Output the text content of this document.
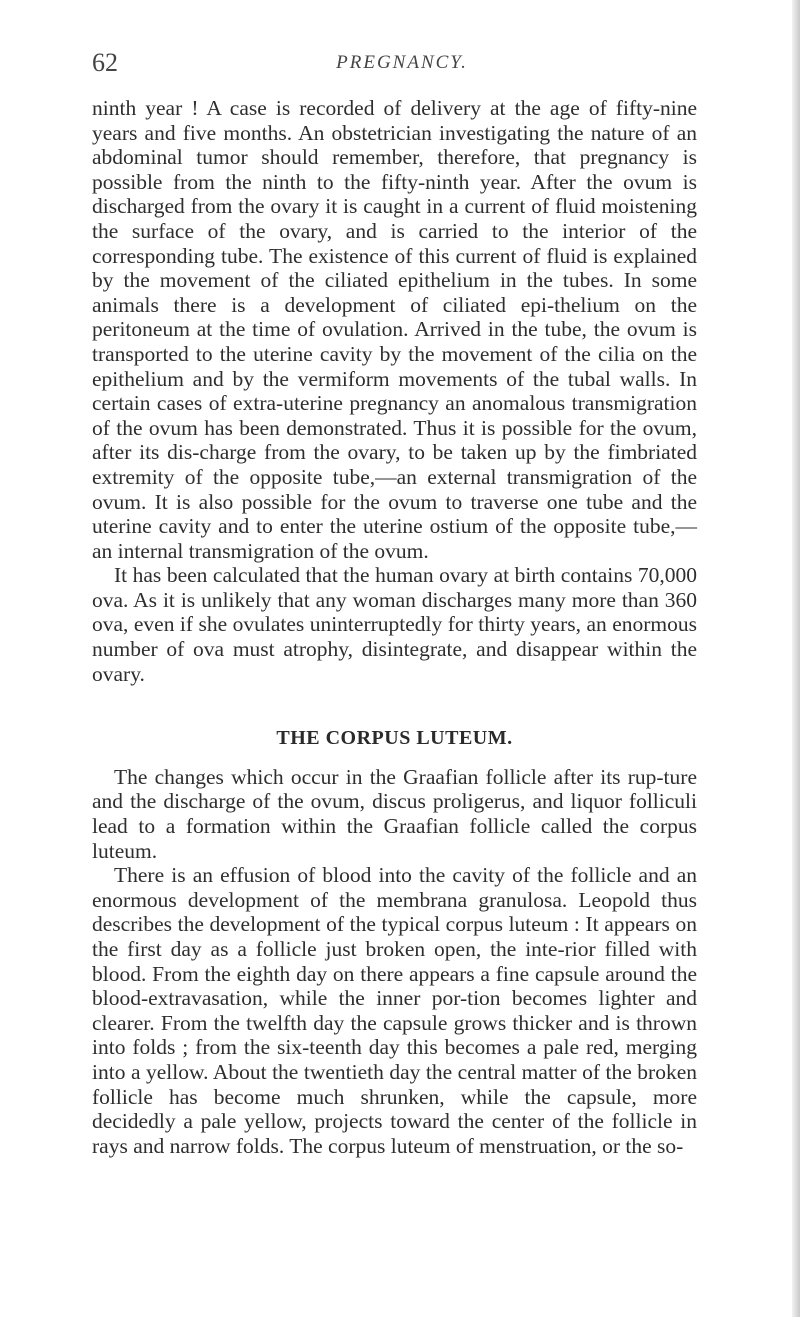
62	PREGNANCY.

ninth year ! A case is recorded of delivery at the age of fifty-nine years and five months. An obstetrician investigating the nature of an abdominal tumor should remember, therefore, that pregnancy is possible from the ninth to the fifty-ninth year. After the ovum is discharged from the ovary it is caught in a current of fluid moistening the surface of the ovary, and is carried to the interior of the corresponding tube. The existence of this current of fluid is explained by the movement of the ciliated epithelium in the tubes. In some animals there is a development of ciliated epi-thelium on the peritoneum at the time of ovulation. Arrived in the tube, the ovum is transported to the uterine cavity by the movement of the cilia on the epithelium and by the vermiform movements of the tubal walls. In certain cases of extra-uterine pregnancy an anomalous transmigration of the ovum has been demonstrated. Thus it is possible for the ovum, after its dis-charge from the ovary, to be taken up by the fimbriated extremity of the opposite tube,—an external transmigration of the ovum. It is also possible for the ovum to traverse one tube and the uterine cavity and to enter the uterine ostium of the opposite tube,—an internal transmigration of the ovum.

It has been calculated that the human ovary at birth contains 70,000 ova. As it is unlikely that any woman discharges many more than 360 ova, even if she ovulates uninterruptedly for thirty years, an enormous number of ova must atrophy, disintegrate, and disappear within the ovary.

THE CORPUS LUTEUM.

The changes which occur in the Graafian follicle after its rup-ture and the discharge of the ovum, discus proligerus, and liquor folliculi lead to a formation within the Graafian follicle called the corpus luteum.

There is an effusion of blood into the cavity of the follicle and an enormous development of the membrana granulosa. Leopold thus describes the development of the typical corpus luteum : It appears on the first day as a follicle just broken open, the inte-rior filled with blood. From the eighth day on there appears a fine capsule around the blood-extravasation, while the inner por-tion becomes lighter and clearer. From the twelfth day the capsule grows thicker and is thrown into folds ; from the six-teenth day this becomes a pale red, merging into a yellow. About the twentieth day the central matter of the broken follicle has become much shrunken, while the capsule, more decidedly a pale yellow, projects toward the center of the follicle in rays and narrow folds. The corpus luteum of menstruation, or the so-
